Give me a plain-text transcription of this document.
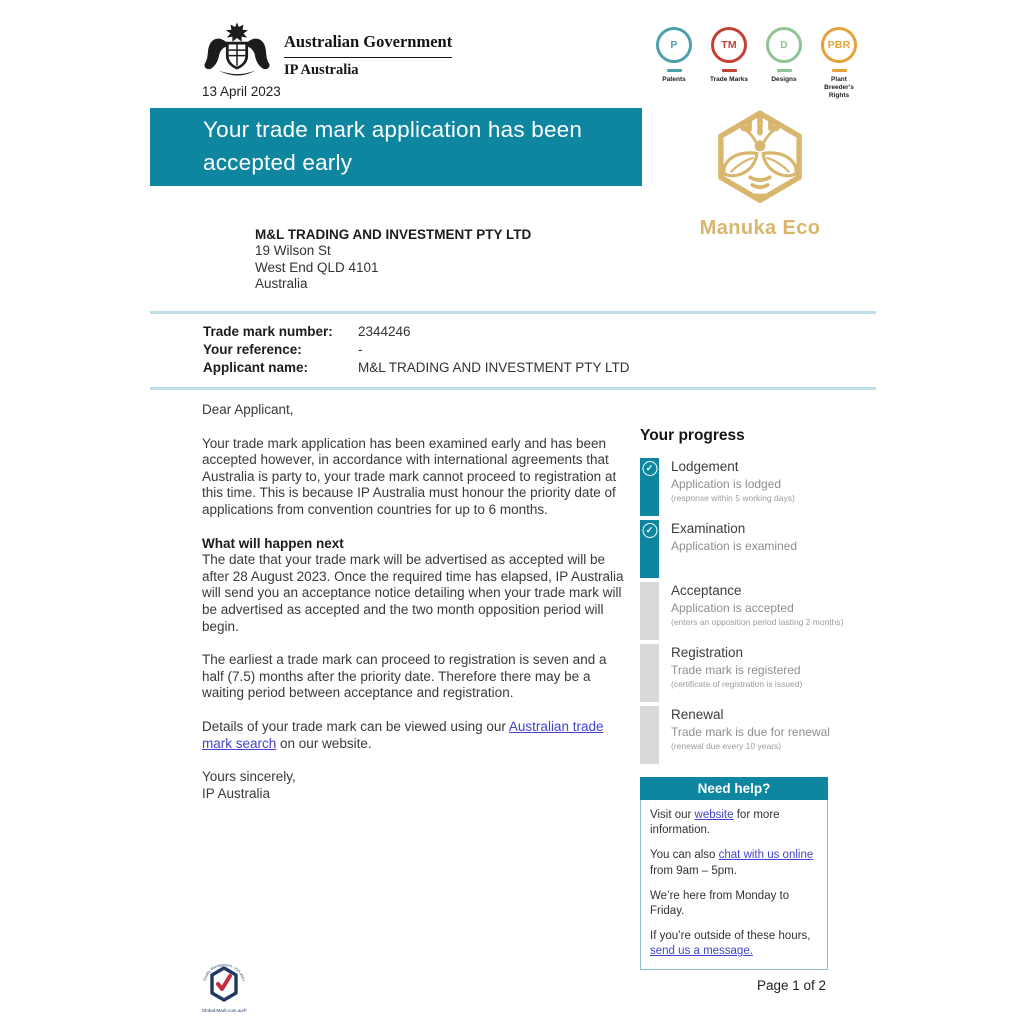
Australian Government
IP Australia
13 April 2023
P
Patents
TM
Trade Marks
D
Designs
PBR
Plant Breeder's Rights
Your trade mark application has been accepted early
Manuka Eco
M&L TRADING AND INVESTMENT PTY LTD
19 Wilson St
West End QLD 4101
Australia
Trade mark number:	2344246
Your reference:	-
Applicant name:	M&L TRADING AND INVESTMENT PTY LTD

Dear Applicant,

Your trade mark application has been examined early and has been accepted however, in accordance with international agreements that Australia is party to, your trade mark cannot proceed to registration at this time. This is because IP Australia must honour the priority date of applications from convention countries for up to 6 months.

What will happen next

The date that your trade mark will be advertised as accepted will be after 28 August 2023. Once the required time has elapsed, IP Australia will send you an acceptance notice detailing when your trade mark will be advertised as accepted and the two month opposition period will begin.

The earliest a trade mark can proceed to registration is seven and a half (7.5) months after the priority date. Therefore there may be a waiting period between acceptance and registration.

Details of your trade mark can be viewed using our Australian trade mark search on our website.

Yours sincerely,

IP Australia

Your progress
✓ Lodgement
Application is lodged
(response within 5 working days)
✓ Examination
Application is examined
Acceptance
Application is accepted
(enters an opposition period lasting 2 months)
Registration
Trade mark is registered
(certificate of registration is issued)
Renewal
Trade mark is due for renewal
(renewal due every 10 years)
Need help?

Visit our website for more information.

You can also chat with us online from 9am – 5pm.

We’re here from Monday to Friday.

If you’re outside of these hours, send us a message.

Quality Management - ISO 9001
Global-Mark.com.au®
Page 1 of 2
